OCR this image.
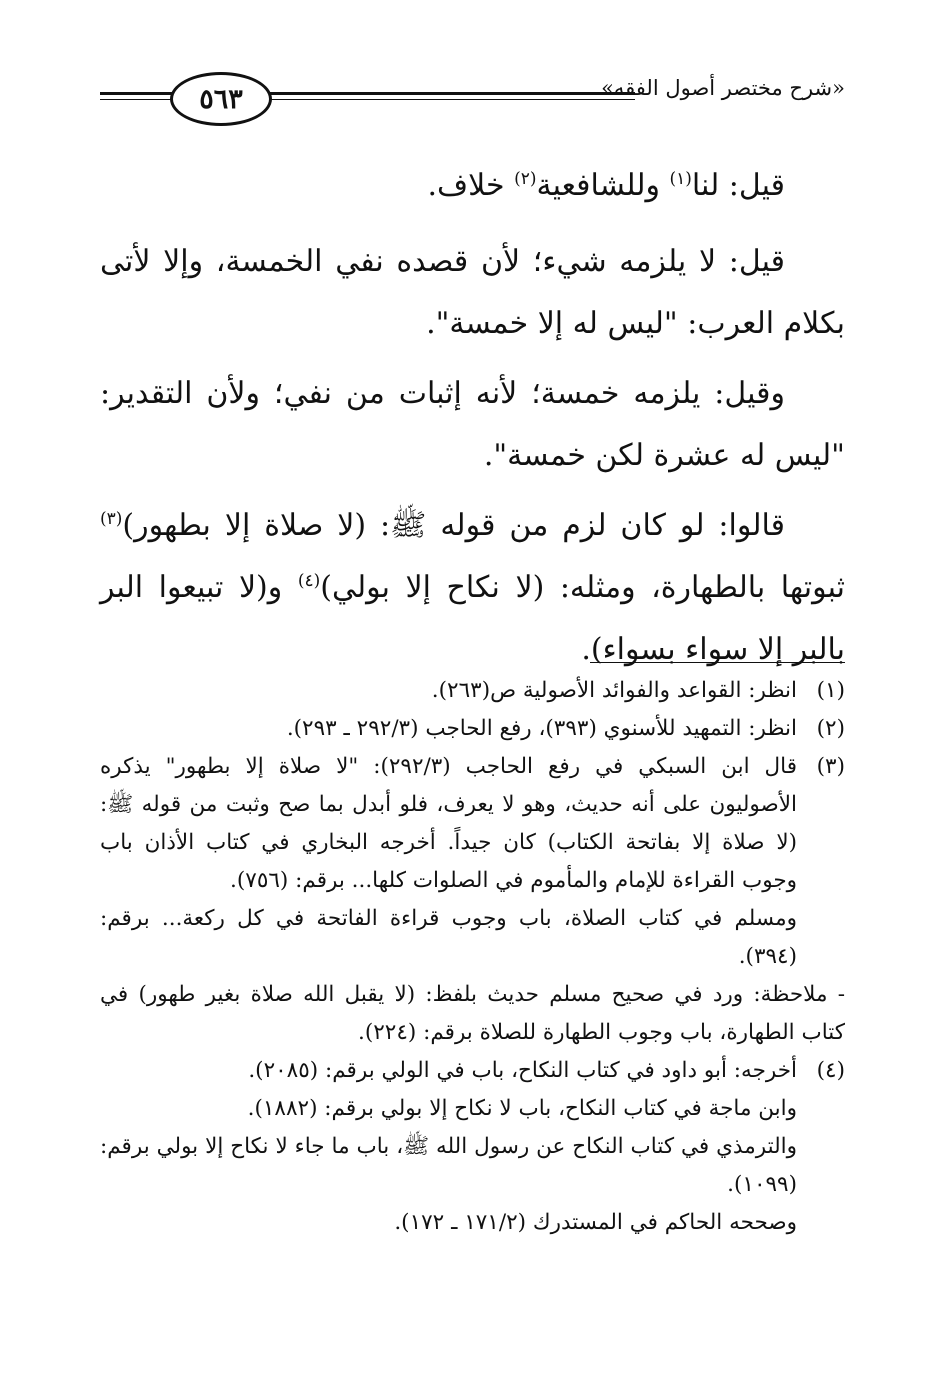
٥٦٣	«شرح مختصر أصول الفقه»

قيل: لنا$^{(١)}$ وللشافعية$^{(٢)}$ خلاف.

قيل: لا يلزمه شيء؛ لأن قصده نفي الخمسة، وإلا لأتى بكلام العرب: "ليس له إلا خمسة".

وقيل: يلزمه خمسة؛ لأنه إثبات من نفي؛ ولأن التقدير: "ليس له عشرة لكن خمسة".

قالوا: لو كان لزم من قوله ﷺ: (لا صلاة إلا بطهور)$^{(٣)}$ ثبوتها بالطهارة، ومثله: (لا نكاح إلا بولي)$^{(٤)}$ و(لا تبيعوا البر بالبر إلا سواء بسواء).

(١)

انظر: القواعد والفوائد الأصولية ص(٢٦٣).

(٢)

انظر: التمهيد للأسنوي (٣٩٣)، رفع الحاجب (٢٩٢/٣ ـ ٢٩٣).

(٣)

قال ابن السبكي في رفع الحاجب (٢٩٢/٣): "لا صلاة إلا بطهور" يذكره الأصوليون على أنه حديث، وهو لا يعرف، فلو أبدل بما صح وثبت من قوله ﷺ: (لا صلاة إلا بفاتحة الكتاب) كان جيداً. أخرجه البخاري في كتاب الأذان باب وجوب القراءة للإمام والمأموم في الصلوات كلها... برقم: (٧٥٦).

ومسلم في كتاب الصلاة، باب وجوب قراءة الفاتحة في كل ركعة... برقم: (٣٩٤).

- ملاحظة: ورد في صحيح مسلم حديث بلفظ: (لا يقبل الله صلاة بغير طهور) في كتاب الطهارة، باب وجوب الطهارة للصلاة برقم: (٢٢٤).

(٤)

أخرجه: أبو داود في كتاب النكاح، باب في الولي برقم: (٢٠٨٥).

وابن ماجة في كتاب النكاح، باب لا نكاح إلا بولي برقم: (١٨٨٢).

والترمذي في كتاب النكاح عن رسول الله ﷺ، باب ما جاء لا نكاح إلا بولي برقم: (١٠٩٩).

وصححه الحاكم في المستدرك (١٧١/٢ ـ ١٧٢).
